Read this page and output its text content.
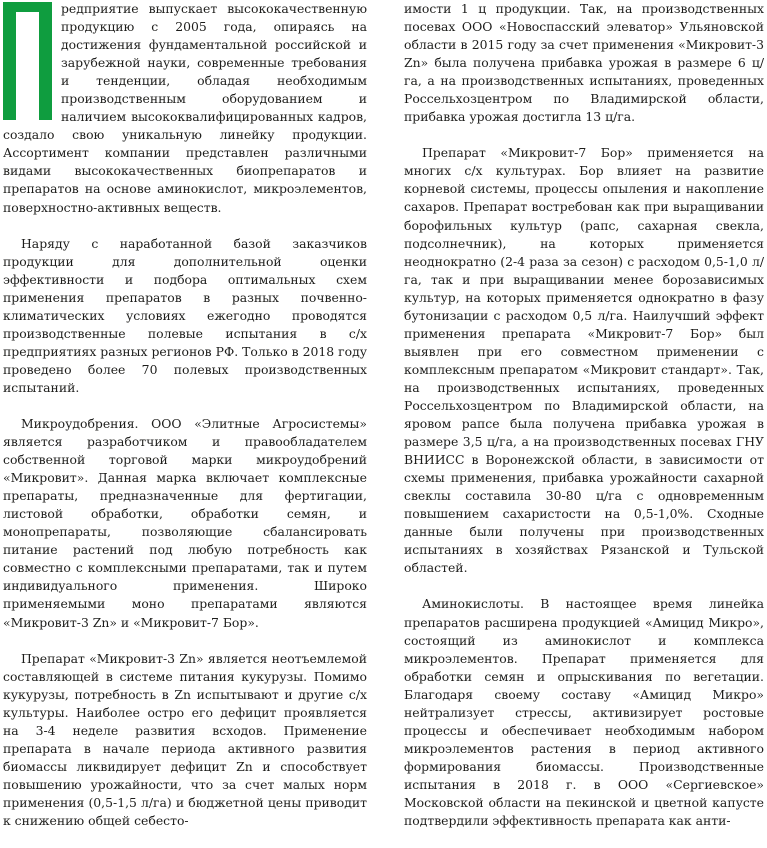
редприятие выпускает высококачественную продукцию с 2005 года, опираясь на достижения фундаментальной российской и зарубежной науки, современные требования и тенденции, обладая необходимым производственным оборудованием и наличием высококвалифицированных кадров, создало свою уникальную линейку продукции. Ассортимент компании представлен различными видами высококачественных биопрепаратов и препаратов на основе аминокислот, микроэлементов, поверхностно-активных веществ.

Наряду с наработанной базой заказчиков продукции для дополнительной оценки эффективности и подбора оптимальных схем применения препаратов в разных почвенно-климатических условиях ежегодно проводятся производственные полевые испытания в с/х предприятиях разных регионов РФ. Только в 2018 году проведено более 70 полевых производственных испытаний.

Микроудобрения. ООО «Элитные Агросистемы» является разработчиком и правообладателем собственной торговой марки микроудобрений «Микровит». Данная марка включает комплексные препараты, предназначенные для фертигации, листовой обработки, обработки семян, и монопрепараты, позволяющие сбалансировать питание растений под любую потребность как совместно с комплексными препаратами, так и путем индивидуального применения. Широко применяемыми моно препаратами являются «Микровит-3 Zn» и «Микровит-7 Бор».

Препарат «Микровит-3 Zn» является неотъемлемой составляющей в системе питания кукурузы. Помимо кукурузы, потребность в Zn испытывают и другие с/х культуры. Наиболее остро его дефицит проявляется на 3-4 неделе развития всходов. Применение препарата в начале периода активного развития биомассы ликвидирует дефицит Zn и способствует повышению урожайности, что за счет малых норм применения (0,5-1,5 л/га) и бюджетной цены приводит к снижению общей себесто-

имости 1 ц продукции. Так, на производственных посевах ООО «Новоспасский элеватор» Ульяновской области в 2015 году за счет применения «Микровит-3 Zn» была получена прибавка урожая в размере 6 ц/га, а на производственных испытаниях, проведенных Россельхозцентром по Владимирской области, прибавка урожая достигла 13 ц/га.

Препарат «Микровит-7 Бор» применяется на многих с/х культурах. Бор влияет на развитие корневой системы, процессы опыления и накопление сахаров. Препарат востребован как при выращивании борофильных культур (рапс, сахарная свекла, подсолнечник), на которых применяется неоднократно (2-4 раза за сезон) с расходом 0,5-1,0 л/га, так и при выращивании менее борозависимых культур, на которых применяется однократно в фазу бутонизации с расходом 0,5 л/га. Наилучший эффект применения препарата «Микровит-7 Бор» был выявлен при его совместном применении с комплексным препаратом «Микровит стандарт». Так, на производственных испытаниях, проведенных Россельхозцентром по Владимирской области, на яровом рапсе была получена прибавка урожая в размере 3,5 ц/га, а на производственных посевах ГНУ ВНИИСС в Воронежской области, в зависимости от схемы применения, прибавка урожайности сахарной свеклы составила 30-80 ц/га с одновременным повышением сахаристости на 0,5-1,0%. Сходные данные были получены при производственных испытаниях в хозяйствах Рязанской и Тульской областей.

Аминокислоты. В настоящее время линейка препаратов расширена продукцией «Амицид Микро», состоящий из аминокислот и комплекса микроэлементов. Препарат применяется для обработки семян и опрыскивания по вегетации. Благодаря своему составу «Амицид Микро» нейтрализует стрессы, активизирует ростовые процессы и обеспечивает необходимым набором микроэлементов растения в период активного формирования биомассы. Производственные испытания в 2018 г. в ООО «Сергиевское» Московской области на пекинской и цветной капусте подтвердили эффективность препарата как анти-
